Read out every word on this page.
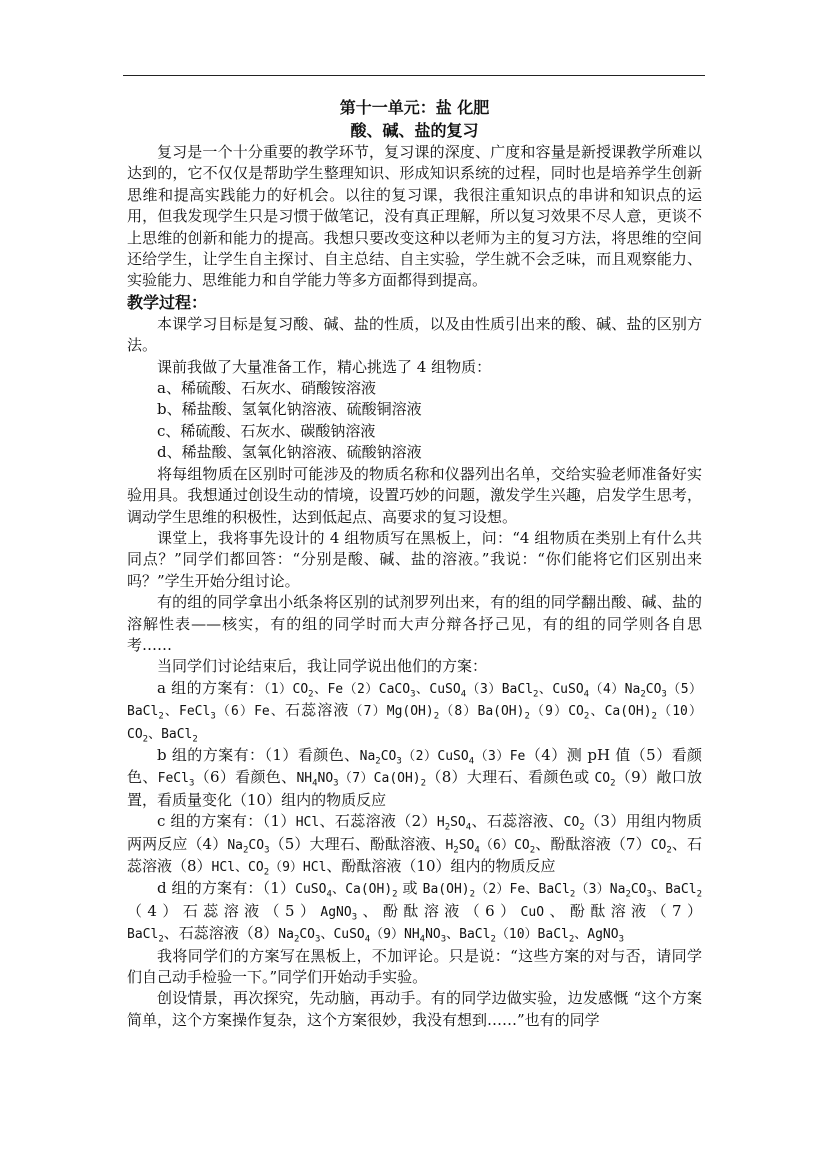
第十一单元：盐 化肥

酸、碱、盐的复习

复习是一个十分重要的教学环节，复习课的深度、广度和容量是新授课教学所难以达到的，它不仅仅是帮助学生整理知识、形成知识系统的过程，同时也是培养学生创新思维和提高实践能力的好机会。以往的复习课，我很注重知识点的串讲和知识点的运用，但我发现学生只是习惯于做笔记，没有真正理解，所以复习效果不尽人意，更谈不上思维的创新和能力的提高。我想只要改变这种以老师为主的复习方法，将思维的空间还给学生，让学生自主探讨、自主总结、自主实验，学生就不会乏味，而且观察能力、实验能力、思维能力和自学能力等多方面都得到提高。

教学过程：

本课学习目标是复习酸、碱、盐的性质，以及由性质引出来的酸、碱、盐的区别方法。

课前我做了大量准备工作，精心挑选了 4 组物质：

a、稀硫酸、石灰水、硝酸铵溶液

b、稀盐酸、氢氧化钠溶液、硫酸铜溶液

c、稀硫酸、石灰水、碳酸钠溶液

d、稀盐酸、氢氧化钠溶液、硫酸钠溶液

将每组物质在区别时可能涉及的物质名称和仪器列出名单，交给实验老师准备好实验用具。我想通过创设生动的情境，设置巧妙的问题，激发学生兴趣，启发学生思考，调动学生思维的积极性，达到低起点、高要求的复习设想。

课堂上，我将事先设计的 4 组物质写在黑板上，问：“4 组物质在类别上有什么共同点？”同学们都回答：“分别是酸、碱、盐的溶液。”我说：“你们能将它们区别出来吗？”学生开始分组讨论。

有的组的同学拿出小纸条将区别的试剂罗列出来，有的组的同学翻出酸、碱、盐的溶解性表——核实，有的组的同学时而大声分辩各抒己见，有的组的同学则各自思考……

当同学们讨论结束后，我让同学说出他们的方案：

a 组的方案有：$(1)CO_2$、Fe（2）CaCO$_3$、CuSO$_4$（3）BaCl$_2$、$CuSO_4(4)Na_2CO_3(5)BaCl_2$、FeCl$_3$（6）Fe、石蕊溶液$(7)Mg(OH)_2(8)Ba(OH)_2(9)CO_2$、$Ca(OH)_2(10)CO_2$、BaCl$_2$

b 组的方案有：（1）看颜色、$Na_2CO_3(2)CuSO_4(3)Fe(4)$测 pH 值（5）看颜色、FeCl$_3$（6）看颜色、$NH_4NO_3(7)Ca(OH)_2(8)$大理石、看颜色或 $CO_2(9)$敞口放置，看质量变化（10）组内的物质反应

c 组的方案有：（1）HCl、石蕊溶液$(2)H_2SO_4$、石蕊溶液、$CO_2(3)$用组内物质两两反应$(4)Na_2CO_3(5)$大理石、酚酞溶液、$H_2SO_4(6)CO_2$、酚酞溶液$(7)CO_2$、石蕊溶液（8）HCl、$CO_2(9)HCl$、酚酞溶液（10）组内的物质反应

d 组的方案有：（1）CuSO$_4$、$Ca(OH)_2$ 或 $Ba(OH)_2(2)Fe$、$BaCl_2(3)Na_2CO_3$、BaCl$_2$（4）石蕊溶液（5）AgNO$_3$、酚酞溶液（6）CuO、酚酞溶液（7）BaCl$_2$、石蕊溶液$(8)Na_2CO_3$、$CuSO_4(9)NH_4NO_3$、BaCl$_2$（10）BaCl$_2$、AgNO$_3$

我将同学们的方案写在黑板上，不加评论。只是说：“这些方案的对与否，请同学们自己动手检验一下。”同学们开始动手实验。

创设情景，再次探究，先动脑，再动手。有的同学边做实验，边发感慨 “这个方案简单，这个方案操作复杂，这个方案很妙，我没有想到……”也有的同学
